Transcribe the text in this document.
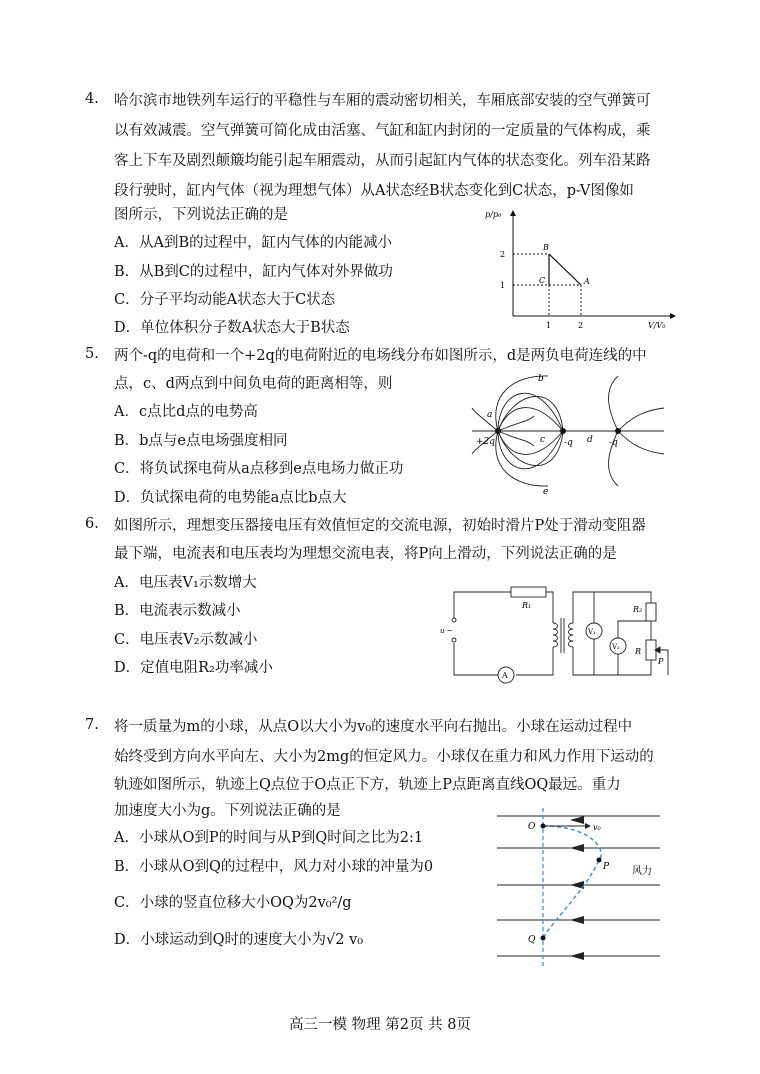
4. 哈尔滨市地铁列车运行的平稳性与车厢的震动密切相关，车厢底部安装的空气弹簧可
以有效减震。空气弹簧可简化成由活塞、气缸和缸内封闭的一定质量的气体构成，乘
客上下车及剧烈颠簸均能引起车厢震动，从而引起缸内气体的状态变化。列车沿某路
段行驶时，缸内气体（视为理想气体）从A状态经B状态变化到C状态，p-V图像如
图所示，下列说法正确的是
A．从A到B的过程中，缸内气体的内能减小
B．从B到C的过程中，缸内气体对外界做功
C．分子平均动能A状态大于C状态
D．单位体积分子数A状态大于B状态
p/p₀
V/V₀
2
1
1	2
B
C	A
5. 两个-q的电荷和一个+2q的电荷附近的电场线分布如图所示，d是两负电荷连线的中
点，c、d两点到中间负电荷的距离相等，则
A．c点比d点的电势高
B．b点与e点电场强度相同
C．将负试探电荷从a点移到e点电场力做正功
D．负试探电荷的电势能a点比b点大
+2q	-q	-q
a
b
c	d
e
6. 如图所示，理想变压器接电压有效值恒定的交流电源，初始时滑片P处于滑动变阻器
最下端，电流表和电压表均为理想交流电表，将P向上滑动，下列说法正确的是
A．电压表V₁示数增大
B．电流表示数减小
C．电压表V₂示数减小
D．定值电阻R₂功率减小
R₁	R₂
R
P
V₁
V₂
A
u ~
7. 将一质量为m的小球，从点O以大小为v₀的速度水平向右抛出。小球在运动过程中
始终受到方向水平向左、大小为2mg的恒定风力。小球仅在重力和风力作用下运动的
轨迹如图所示，轨迹上Q点位于O点正下方，轨迹上P点距离直线OQ最远。重力
加速度大小为g。下列说法正确的是
A．小球从O到P的时间与从P到Q时间之比为2:1
B．小球从O到Q的过程中，风力对小球的冲量为0
C．小球的竖直位移大小OQ为2v₀²/g
D．小球运动到Q时的速度大小为√2 v₀
O	v₀
P
Q
风力
高三一模 物理 第2页 共 8页
